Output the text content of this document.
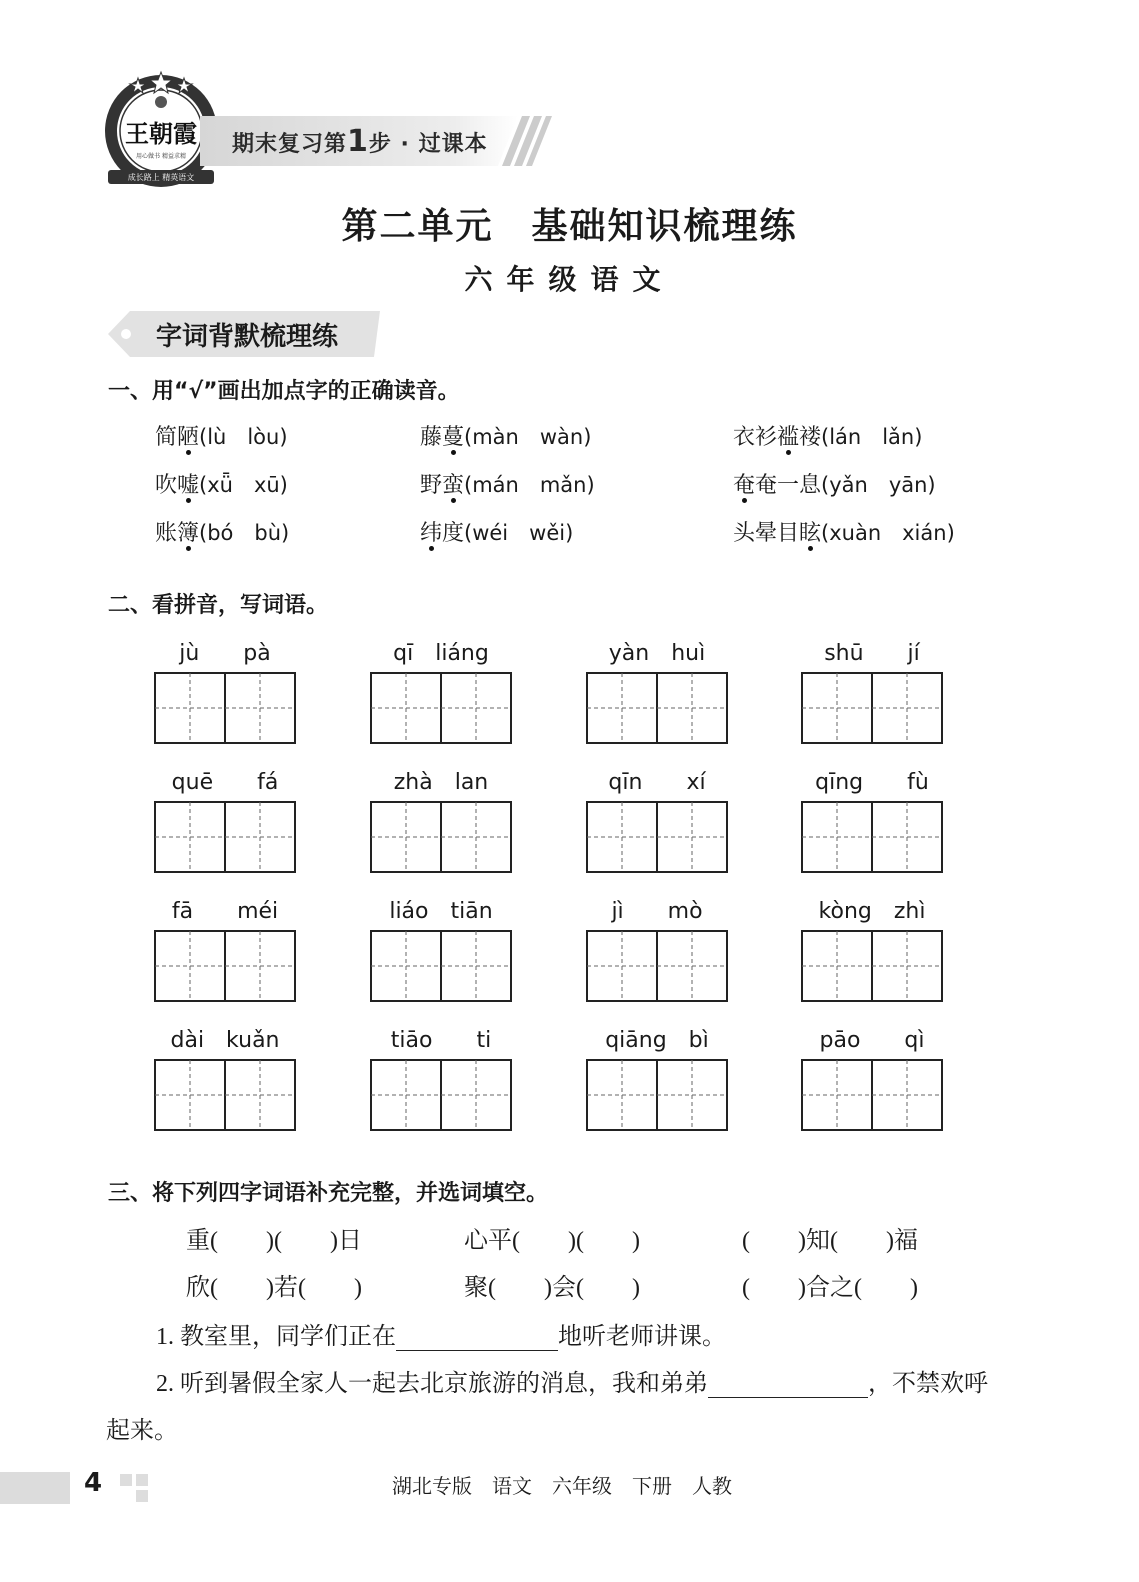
王朝霞
用心做书 精益求精
成长路上 精英语文
期末复习第1步 · 过课本
第二单元　基础知识梳理练
六年级语文
字词背默梳理练
一、用“√”画出加点字的正确读音。
简陋(lù　lòu)	藤蔓(màn　wàn)	衣衫褴褛(lán　lǎn)
吹嘘(xǖ　xū)	野蛮(mán　mǎn)	奄奄一息(yǎn　yān)
账簿(bó　bù)	纬度(wéi　wěi)	头晕目眩(xuàn　xián)
二、看拼音，写词语。
jù　　pà	qī　liáng	yàn　huì	shū　　jí
quē　　fá	zhà　lan	qīn　　xí	qīng　　fù
fā　　méi	liáo　tiān	jì　　mò	kòng　zhì
dài　kuǎn	tiāo　　ti	qiāng　bì	pāo　　qì
三、将下列四字词语补充完整，并选词填空。
重(　　)(　　)日	心平(　　)(　　)	(　　)知(　　)福
欣(　　)若(　　)	聚(　　)会(　　)	(　　)合之(　　)
1. 教室里，同学们正在	地听老师讲课。
2. 听到暑假全家人一起去北京旅游的消息，我和弟弟	，不禁欢呼
起来。
4	湖北专版　语文　六年级　下册　人教
